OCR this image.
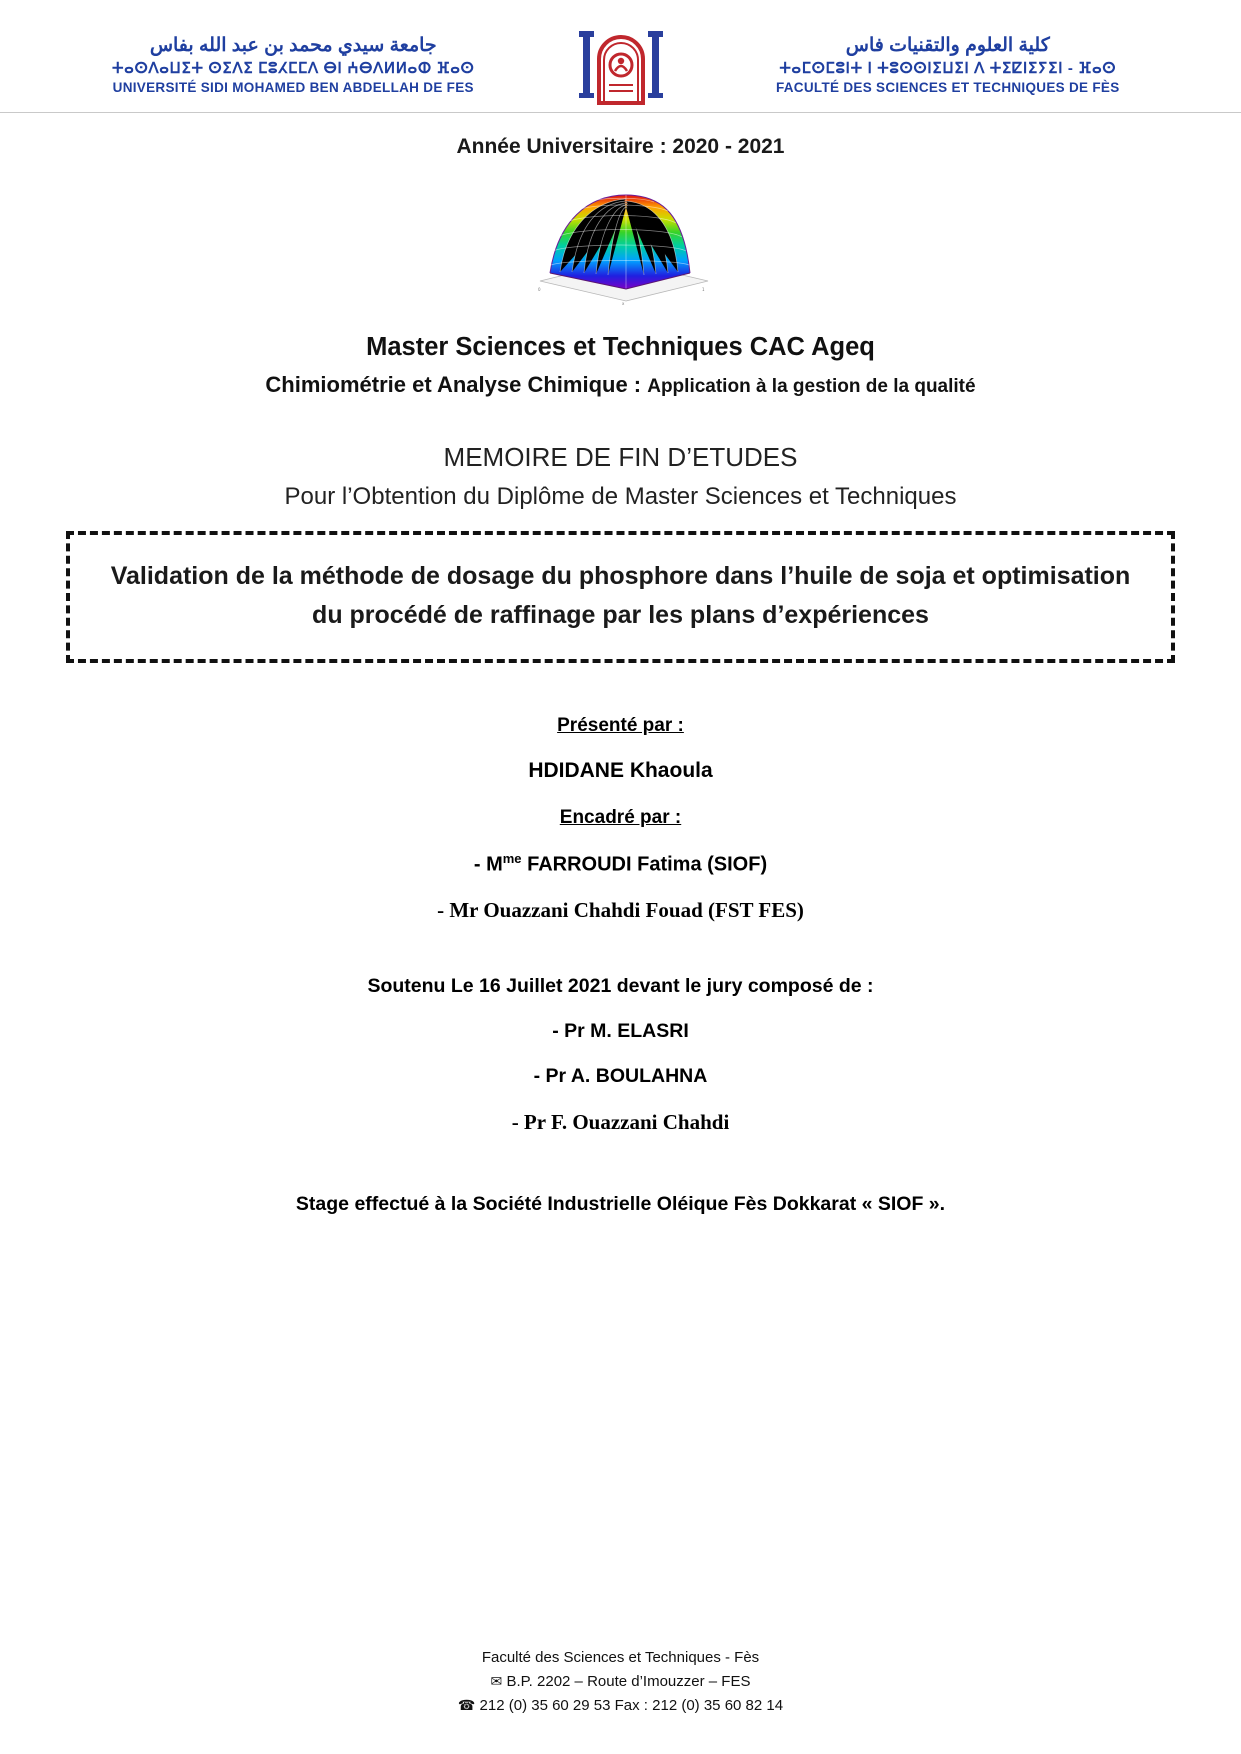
جامعة سيدي محمد بن عبد الله بفاس
ⵜⴰⵙⴷⴰⵡⵉⵜ ⵙⵉⴷⵉ ⵎⵓⵃⵎⵎⴷ ⴱⵏ ⵄⴱⴷⵍⵍⴰⵀ ⴼⴰⵙ
UNIVERSITÉ SIDI MOHAMED BEN ABDELLAH DE FES
كلية العلوم والتقنيات فاس
ⵜⴰⵎⵙⵎⵓⵏⵜ ⵏ ⵜⵓⵙⵙⵏⵉⵡⵉⵏ ⴷ ⵜⵉⵇⵏⵉⵢⵉⵏ - ⴼⴰⵙ
FACULTÉ DES SCIENCES ET TECHNIQUES DE FÈS
Année Universitaire : 2020 - 2021
0	1
x
Master Sciences et Techniques CAC Ageq
Chimiométrie et Analyse Chimique : Application à la gestion de la qualité
MEMOIRE DE FIN D’ETUDES
Pour l’Obtention du Diplôme de Master Sciences et Techniques

Validation de la méthode de dosage du phosphore dans l’huile de soja et optimisation du procédé de raffinage par les plans d’expériences

Présenté par :
HDIDANE Khaoula
Encadré par :
- $M^{me}$ FARROUDI Fatima (SIOF)
- Mr Ouazzani Chahdi Fouad (FST FES)
Soutenu Le 16 Juillet 2021 devant le jury composé de :
- Pr M. ELASRI
- Pr A. BOULAHNA
- Pr F. Ouazzani Chahdi
Stage effectué à la Société Industrielle Oléique Fès Dokkarat « SIOF ».
Faculté des Sciences et Techniques - Fès
✉ B.P. 2202 – Route d’Imouzzer – FES
☎ 212 (0) 35 60 29 53 Fax : 212 (0) 35 60 82 14
